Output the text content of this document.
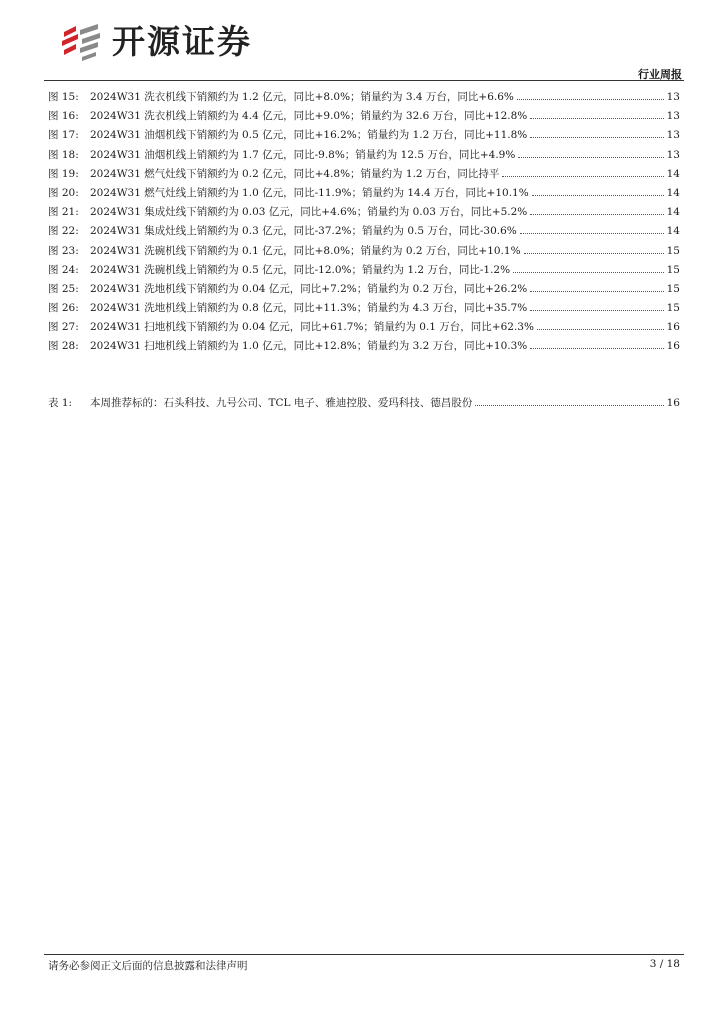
开源证券
行业周报
图 15:	2024W31 洗衣机线下销额约为 1.2 亿元，同比+8.0%；销量约为 3.4 万台，同比+6.6%	13
图 16:	2024W31 洗衣机线上销额约为 4.4 亿元，同比+9.0%；销量约为 32.6 万台，同比+12.8%	13
图 17:	2024W31 油烟机线下销额约为 0.5 亿元，同比+16.2%；销量约为 1.2 万台，同比+11.8%	13
图 18:	2024W31 油烟机线上销额约为 1.7 亿元，同比-9.8%；销量约为 12.5 万台，同比+4.9%	13
图 19:	2024W31 燃气灶线下销额约为 0.2 亿元，同比+4.8%；销量约为 1.2 万台，同比持平	14
图 20:	2024W31 燃气灶线上销额约为 1.0 亿元，同比-11.9%；销量约为 14.4 万台，同比+10.1%	14
图 21:	2024W31 集成灶线下销额约为 0.03 亿元，同比+4.6%；销量约为 0.03 万台，同比+5.2%	14
图 22:	2024W31 集成灶线上销额约为 0.3 亿元，同比-37.2%；销量约为 0.5 万台，同比-30.6%	14
图 23:	2024W31 洗碗机线下销额约为 0.1 亿元，同比+8.0%；销量约为 0.2 万台，同比+10.1%	15
图 24:	2024W31 洗碗机线上销额约为 0.5 亿元，同比-12.0%；销量约为 1.2 万台，同比-1.2%	15
图 25:	2024W31 洗地机线下销额约为 0.04 亿元，同比+7.2%；销量约为 0.2 万台，同比+26.2%	15
图 26:	2024W31 洗地机线上销额约为 0.8 亿元，同比+11.3%；销量约为 4.3 万台，同比+35.7%	15
图 27:	2024W31 扫地机线下销额约为 0.04 亿元，同比+61.7%；销量约为 0.1 万台，同比+62.3%	16
图 28:	2024W31 扫地机线上销额约为 1.0 亿元，同比+12.8%；销量约为 3.2 万台，同比+10.3%	16
表 1:	本周推荐标的：石头科技、九号公司、TCL 电子、雅迪控股、爱玛科技、德昌股份	16
请务必参阅正文后面的信息披露和法律声明	3 / 18
